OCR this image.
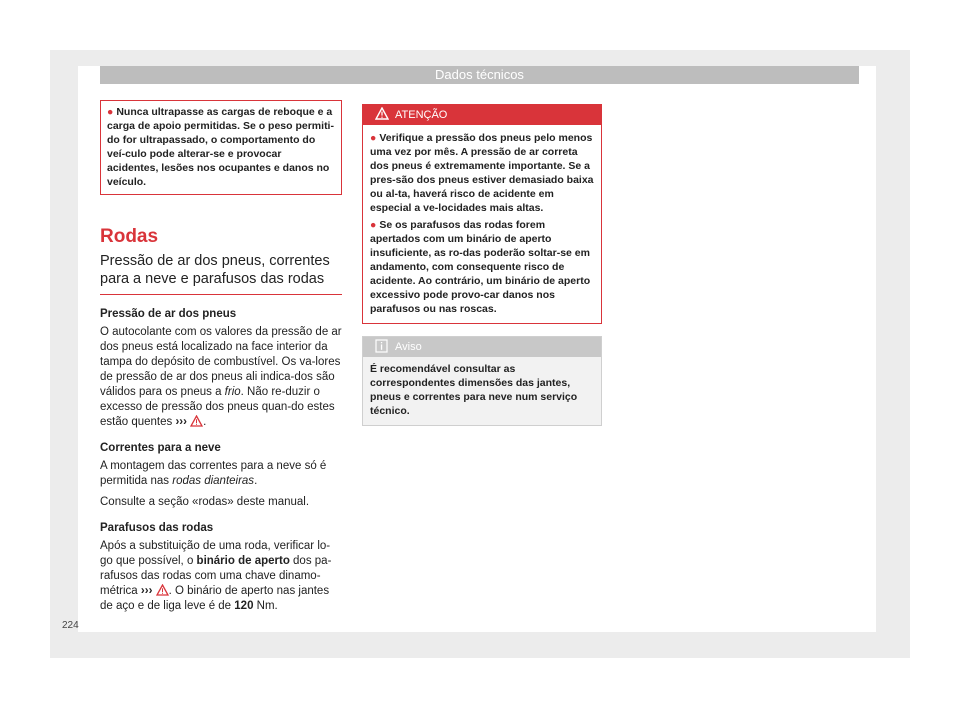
Dados técnicos

● Nunca ultrapasse as cargas de reboque e a carga de apoio permitidas. Se o peso permiti-do for ultrapassado, o comportamento do veí-culo pode alterar-se e provocar acidentes, lesões nos ocupantes e danos no veículo.

Rodas
Pressão de ar dos pneus, correntes
para a neve e parafusos das rodas

Pressão de ar dos pneus

O autocolante com os valores da pressão de ar dos pneus está localizado na face interior da tampa do depósito de combustível. Os va-lores de pressão de ar dos pneus ali indica-dos são válidos para os pneus a frio. Não re-duzir o excesso de pressão dos pneus quan-do estes estão quentes ››› .

Correntes para a neve

A montagem das correntes para a neve só é permitida nas rodas dianteiras.

Consulte a seção «rodas» deste manual.

Parafusos das rodas

Após a substituição de uma roda, verificar lo-go que possível, o binário de aperto dos pa-rafusos das rodas com uma chave dinamo-métrica ››› . O binário de aperto nas jantes de aço e de liga leve é de 120 Nm.

ATENÇÃO

● Verifique a pressão dos pneus pelo menos uma vez por mês. A pressão de ar correta dos pneus é extremamente importante. Se a pres-são dos pneus estiver demasiado baixa ou al-ta, haverá risco de acidente em especial a ve-locidades mais altas.

● Se os parafusos das rodas forem apertados com um binário de aperto insuficiente, as ro-das poderão soltar-se em andamento, com consequente risco de acidente. Ao contrário, um binário de aperto excessivo pode provo-car danos nos parafusos ou nas roscas.

Aviso

É recomendável consultar as correspondentes dimensões das jantes, pneus e correntes para neve num serviço técnico.

224
